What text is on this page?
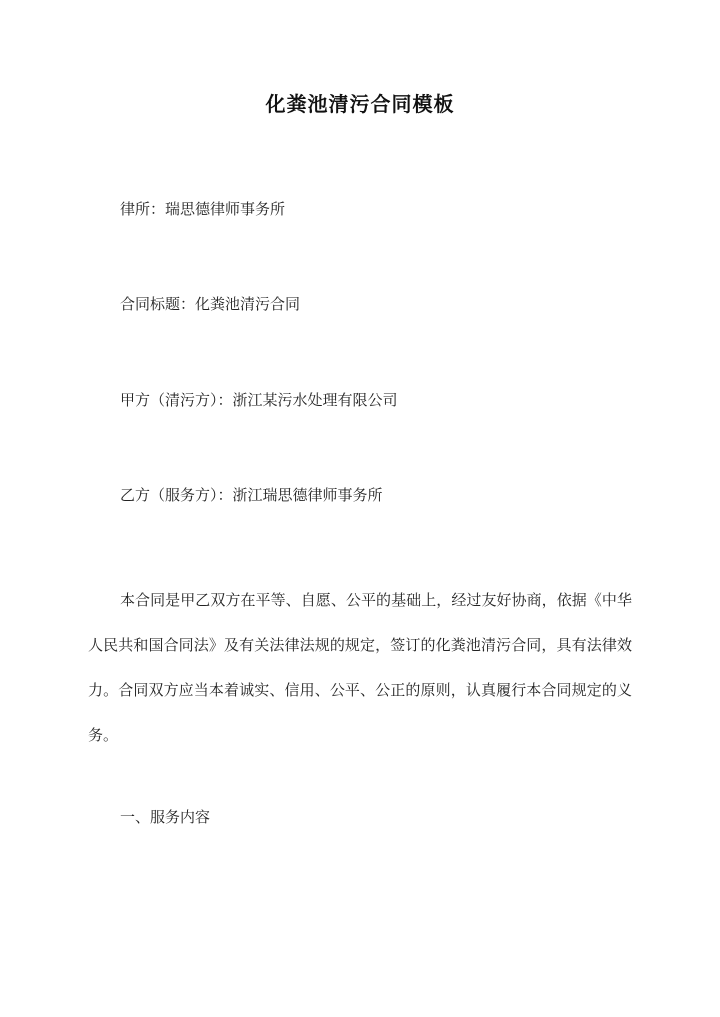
化粪池清污合同模板
律所：瑞思德律师事务所
合同标题：化粪池清污合同
甲方（清污方）：浙江某污水处理有限公司
乙方（服务方）：浙江瑞思德律师事务所
本合同是甲乙双方在平等、自愿、公平的基础上，经过友好协商，依据《中华人民共和国合同法》及有关法律法规的规定，签订的化粪池清污合同，具有法律效力。合同双方应当本着诚实、信用、公平、公正的原则，认真履行本合同规定的义务。
一、服务内容
